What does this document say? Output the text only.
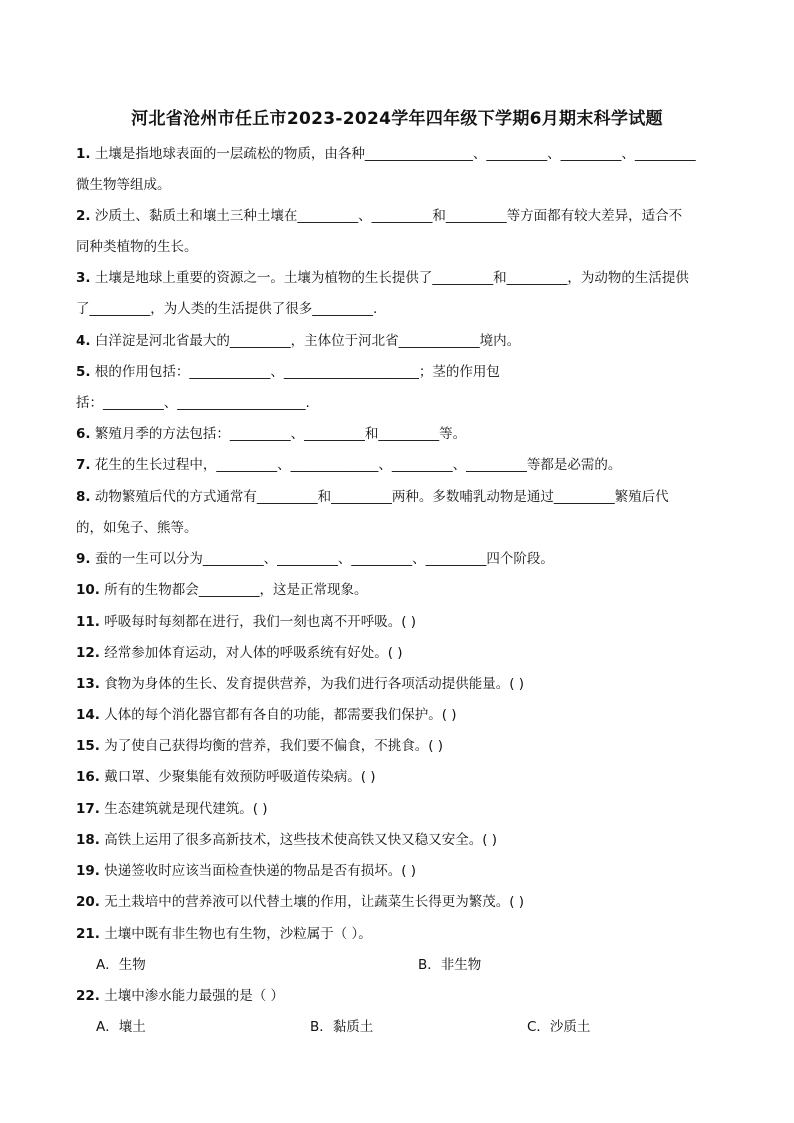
河北省沧州市任丘市2023-2024学年四年级下学期6月期末科学试题
1. 土壤是指地球表面的一层疏松的物质，由各种________________、_________、_________、_________
微生物等组成。
2. 沙质土、黏质土和壤土三种土壤在_________、_________和_________等方面都有较大差异，适合不
同种类植物的生长。
3. 土壤是地球上重要的资源之一。土壤为植物的生长提供了_________和_________，为动物的生活提供
了_________，为人类的生活提供了很多_________.
4. 白洋淀是河北省最大的_________，主体位于河北省____________境内。
5. 根的作用包括：____________、____________________；茎的作用包
括：_________、___________________.
6. 繁殖月季的方法包括：_________、_________和_________等。
7. 花生的生长过程中，_________、_____________、_________、_________等都是必需的。
8. 动物繁殖后代的方式通常有_________和_________两种。多数哺乳动物是通过_________繁殖后代
的，如兔子、熊等。
9. 蚕的一生可以分为_________、_________、_________、_________四个阶段。
10. 所有的生物都会_________，这是正常现象。
11. 呼吸每时每刻都在进行，我们一刻也离不开呼吸。( )
12. 经常参加体育运动，对人体的呼吸系统有好处。( )
13. 食物为身体的生长、发育提供营养，为我们进行各项活动提供能量。( )
14. 人体的每个消化器官都有各自的功能，都需要我们保护。( )
15. 为了使自己获得均衡的营养，我们要不偏食，不挑食。( )
16. 戴口罩、少聚集能有效预防呼吸道传染病。( )
17. 生态建筑就是现代建筑。( )
18. 高铁上运用了很多高新技术，这些技术使高铁又快又稳又安全。( )
19. 快递签收时应该当面检查快递的物品是否有损坏。( )
20. 无土栽培中的营养液可以代替土壤的作用，让蔬菜生长得更为繁茂。( )
21. 土壤中既有非生物也有生物，沙粒属于（ ）。
22. 土壤中渗水能力最强的是（ ）
A．生物	B．非生物
A．壤土	B．黏质土	C．沙质土
